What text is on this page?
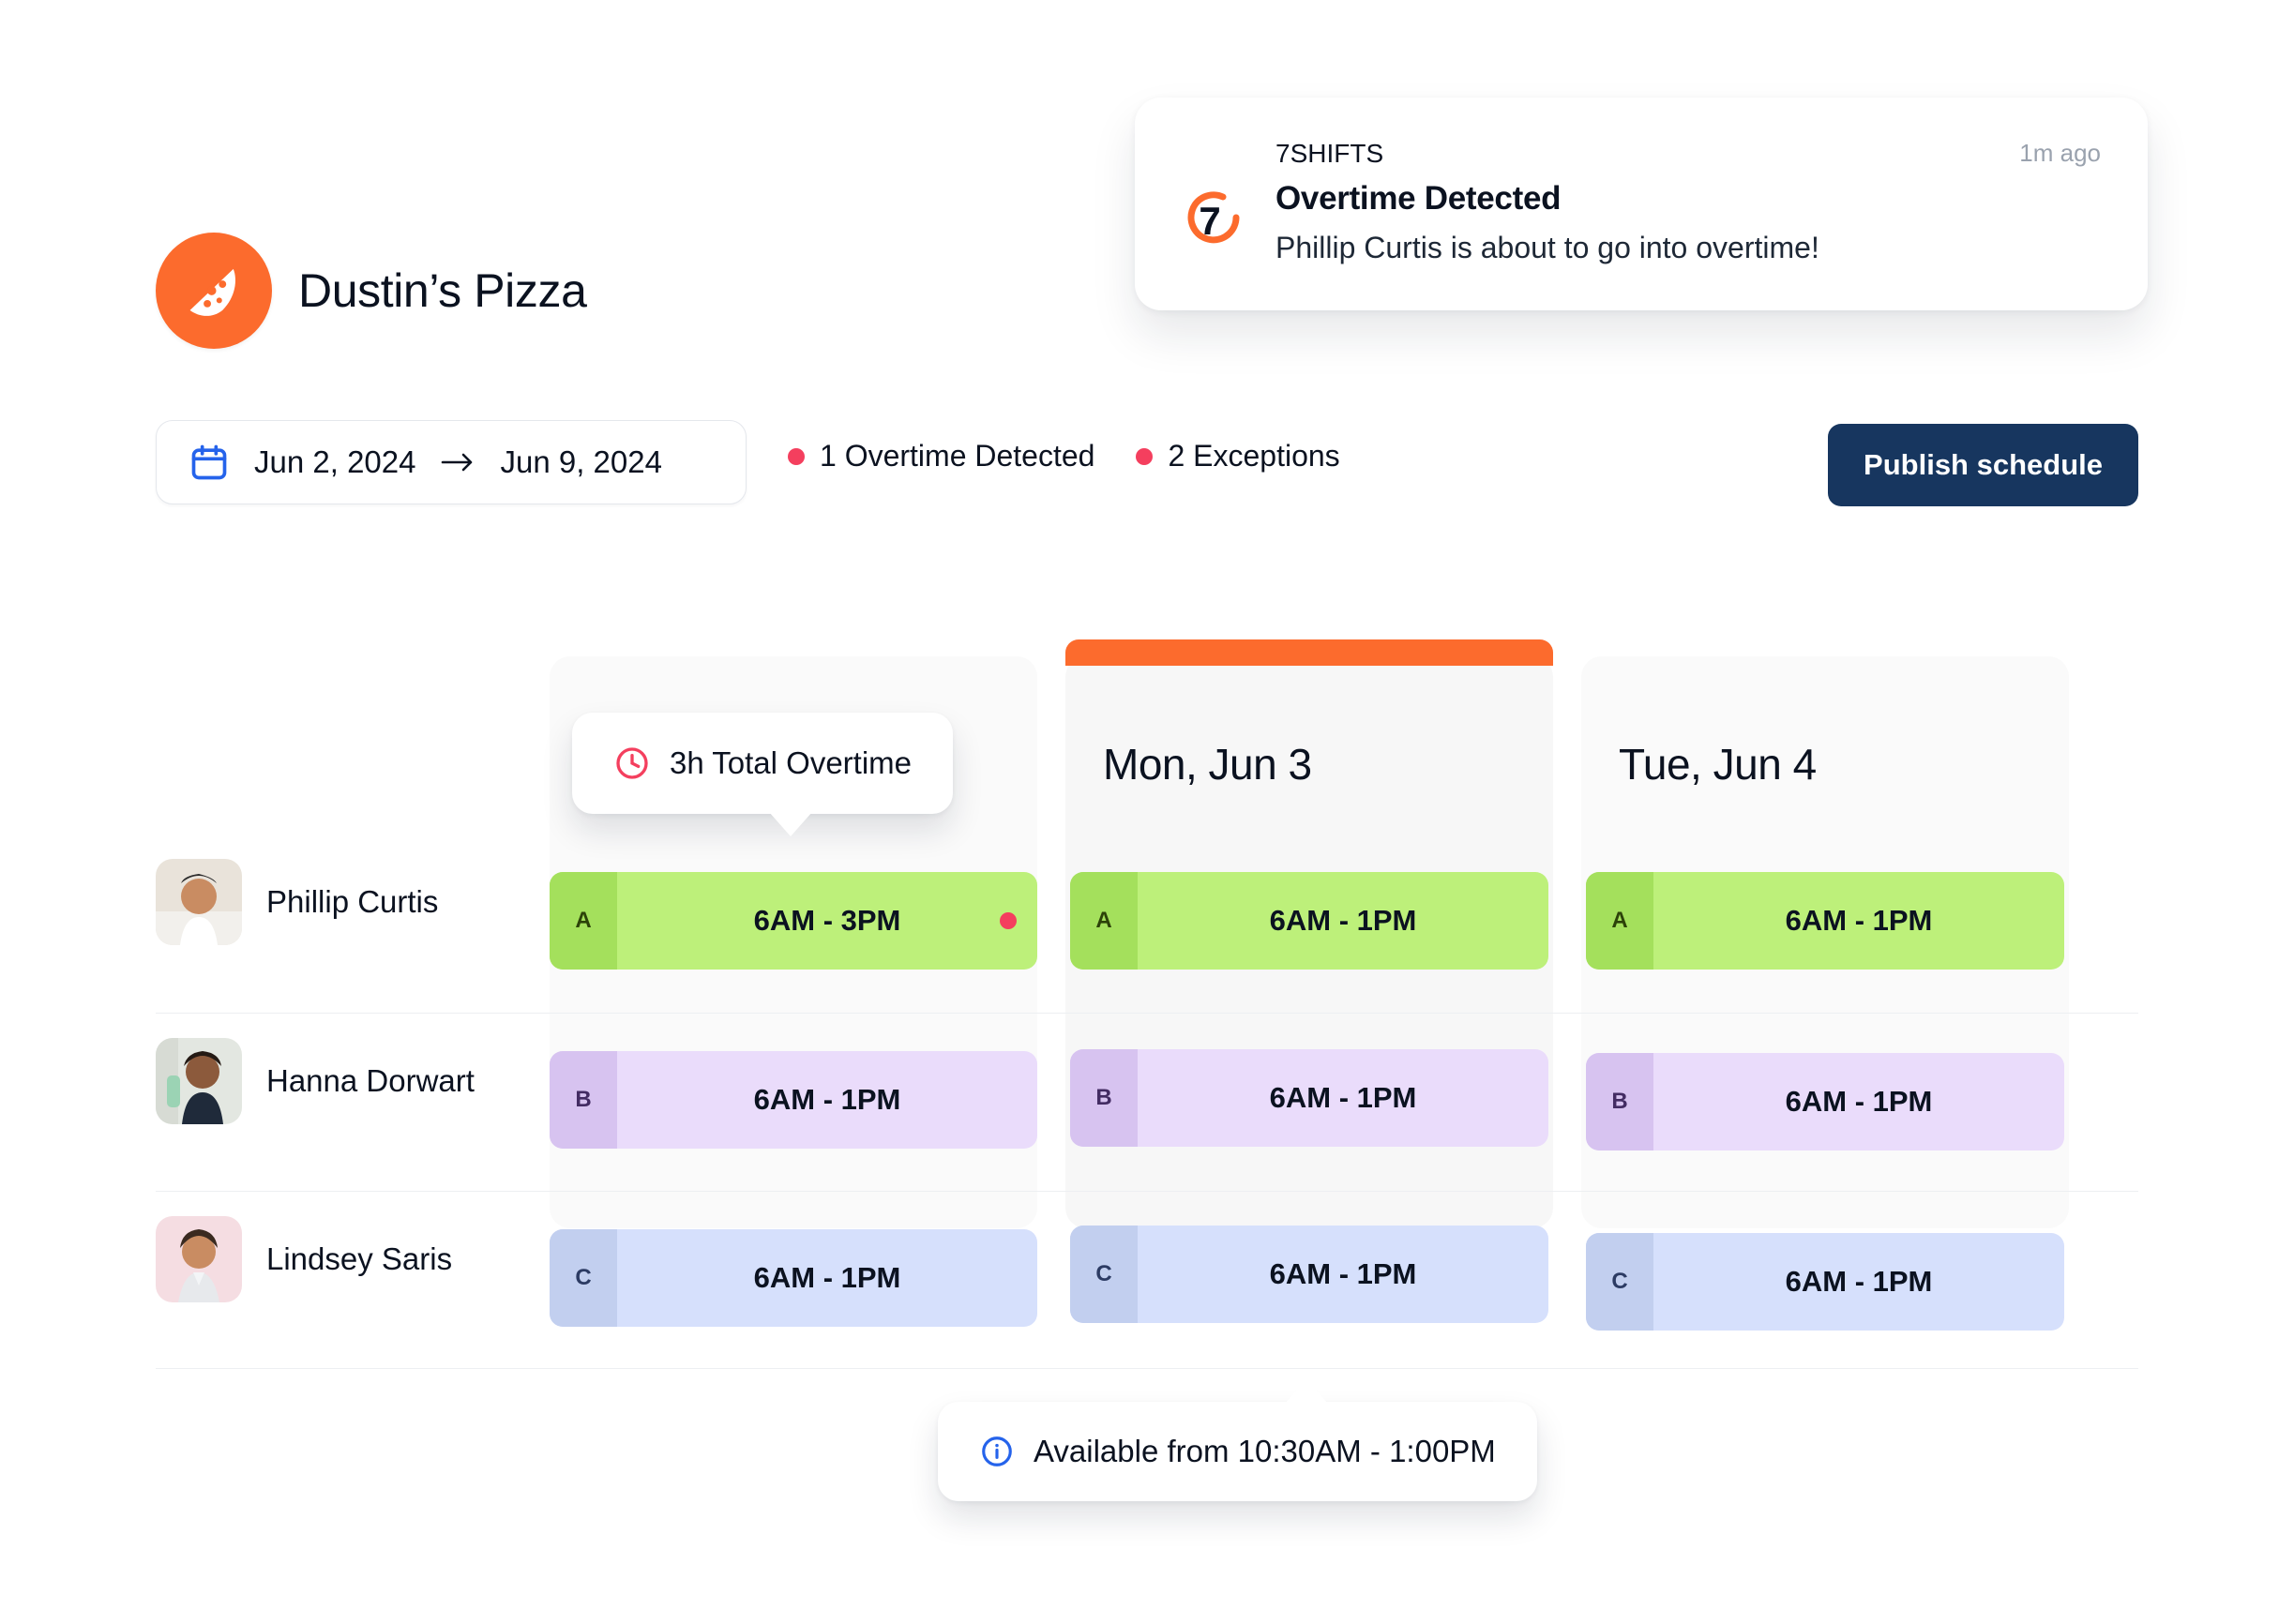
Dustin’s Pizza
7
7SHIFTS	1m ago
Overtime Detected
Phillip Curtis is about to go into overtime!
Jun 2, 2024	Jun 9, 2024	1 Overtime Detected 2 Exceptions	Publish schedule
Mon, Jun 3	Tue, Jun 4
Phillip Curtis
A	6AM - 3PM	A	6AM - 1PM	A	6AM - 1PM
Hanna Dorwart
B	6AM - 1PM	B	6AM - 1PM	B	6AM - 1PM
Lindsey Saris
C	6AM - 1PM	C	6AM - 1PM	C	6AM - 1PM
3h Total Overtime
Available from 10:30AM - 1:00PM
